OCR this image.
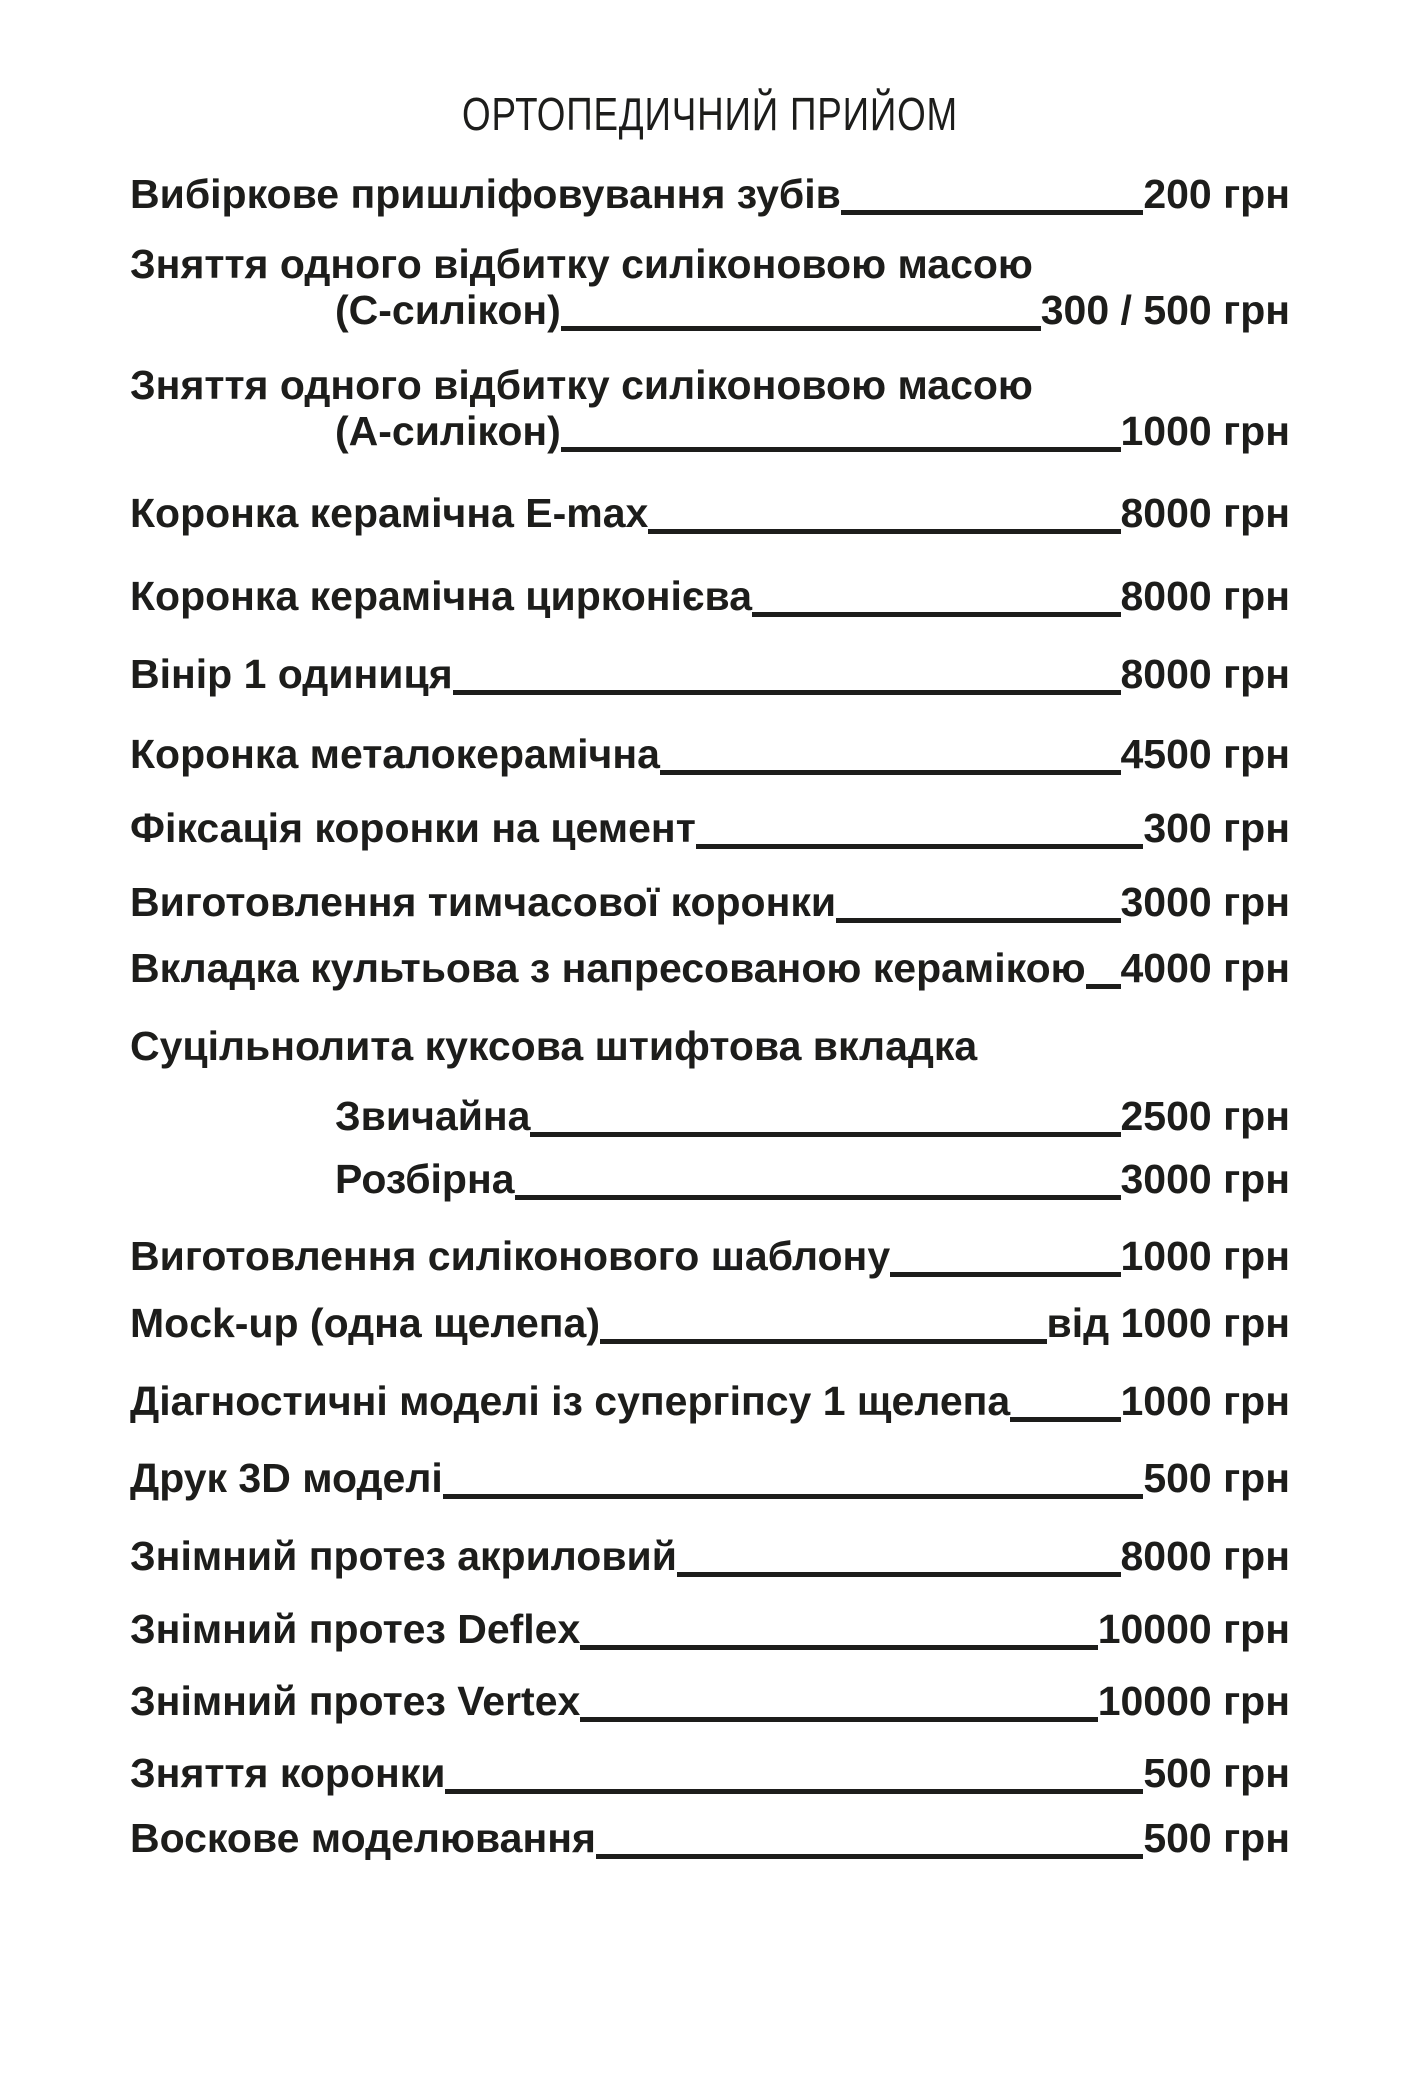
ОРТОПЕДИЧНИЙ ПРИЙОМ
Вибіркове пришліфовування зубів	200 грн
Зняття одного відбитку силіконовою масою
(С-силікон)	300 / 500 грн
Зняття одного відбитку силіконовою масою
(А-силікон)	1000 грн
Коронка керамічна E-max	8000 грн
Коронка керамічна цирконієва	8000 грн
Вінір 1 одиниця	8000 грн
Коронка металокерамічна	4500 грн
Фіксація коронки на цемент	300 грн
Виготовлення тимчасової коронки	3000 грн
Вкладка культьова з напресованою керамікою 4000 грн
Суцільнолита куксова штифтова вкладка
Звичайна	2500 грн
Розбірна	3000 грн
Виготовлення силіконового шаблону	1000 грн
Mock-up (одна щелепа)	від 1000 грн
Діагностичні моделі із супергіпсу 1 щелепа	1000 грн
Друк 3D моделі	500 грн
Знімний протез акриловий	8000 грн
Знімний протез Deflex	10000 грн
Знімний протез Vertex	10000 грн
Зняття коронки	500 грн
Воскове моделювання	500 грн
